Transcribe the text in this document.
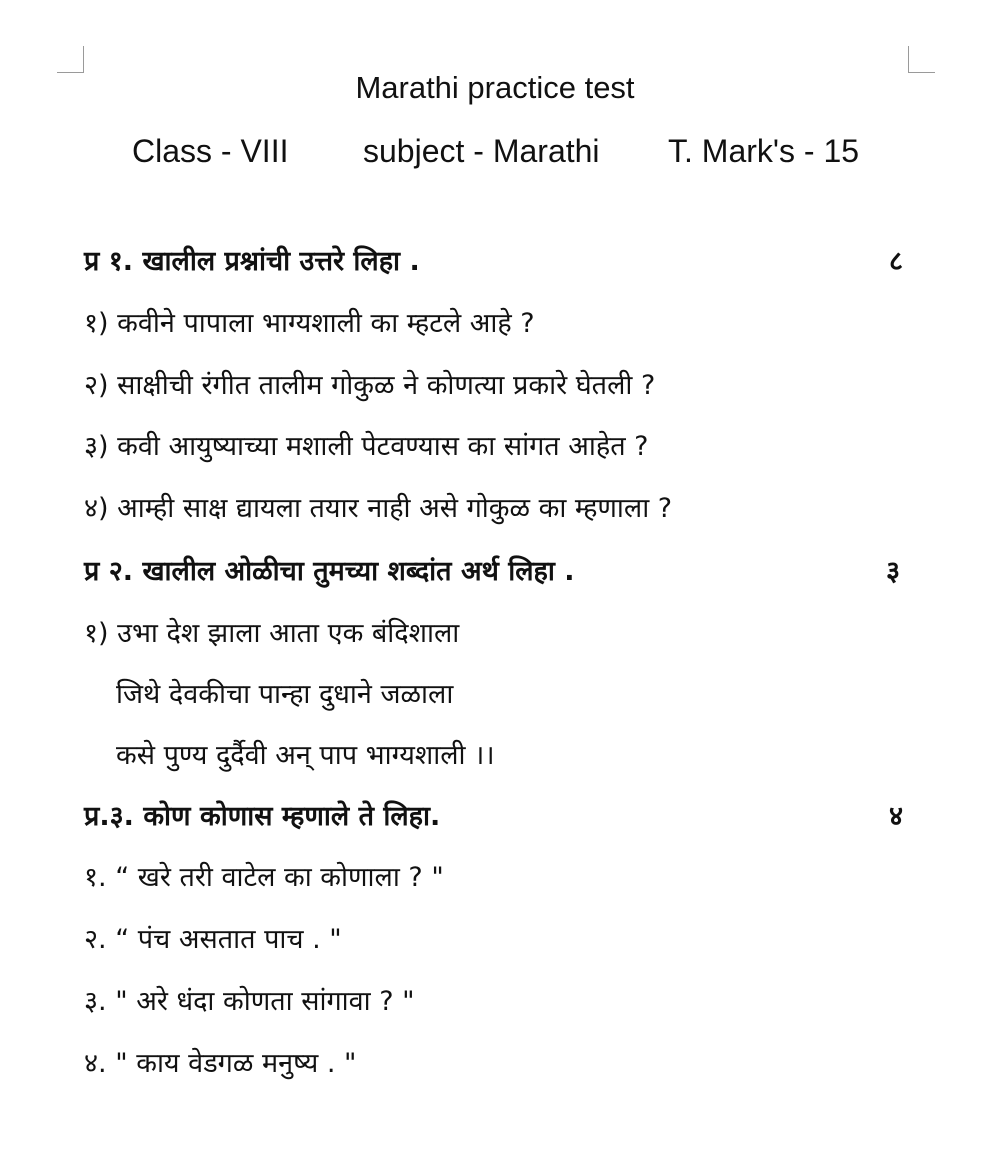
Marathi practice test
Class - VIII subject - Marathi T. Mark's - 15
प्र १. खालील प्रश्नांची उत्तरे लिहा .	८
१) कवीने पापाला भाग्यशाली का म्हटले आहे ?
२) साक्षीची रंगीत तालीम गोकुळ ने कोणत्या प्रकारे घेतली ?
३) कवी आयुष्याच्या मशाली पेटवण्यास का सांगत आहेत ?
४) आम्ही साक्ष द्यायला तयार नाही असे गोकुळ का म्हणाला ?
प्र २. खालील ओळीचा तुमच्या शब्दांत अर्थ लिहा .	३
१) उभा देश झाला आता एक बंदिशाला
जिथे देवकीचा पान्हा दुधाने जळाला
कसे पुण्य दुर्दैवी अन् पाप भाग्यशाली ।।
प्र.३. कोण कोणास म्हणाले ते लिहा.	४
१. “ खरे तरी वाटेल का कोणाला ? "
२. “ पंच असतात पाच . "
३. " अरे धंदा कोणता सांगावा ? "
४. " काय वेडगळ मनुष्य . "
